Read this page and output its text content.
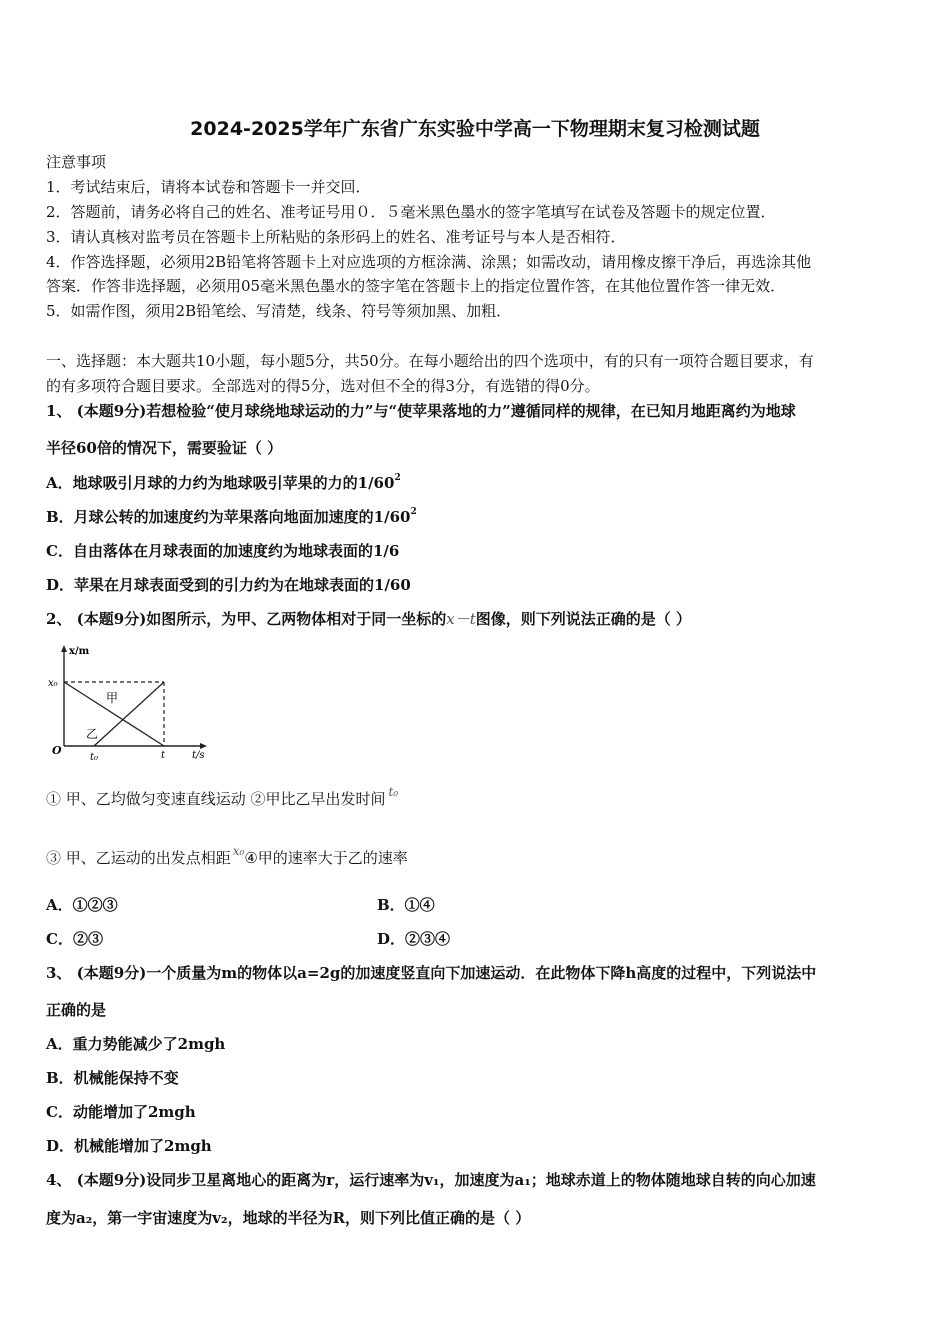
2024-2025学年广东省广东实验中学高一下物理期末复习检测试题
注意事项
1．考试结束后，请将本试卷和答题卡一并交回．
2．答题前，请务必将自己的姓名、准考证号用０．５毫米黑色墨水的签字笔填写在试卷及答题卡的规定位置．
3．请认真核对监考员在答题卡上所粘贴的条形码上的姓名、准考证号与本人是否相符．
4．作答选择题，必须用2B铅笔将答题卡上对应选项的方框涂满、涂黑；如需改动，请用橡皮擦干净后，再选涂其他
答案．作答非选择题，必须用05毫米黑色墨水的签字笔在答题卡上的指定位置作答，在其他位置作答一律无效．
5．如需作图，须用2B铅笔绘、写清楚，线条、符号等须加黑、加粗．
一、选择题：本大题共10小题，每小题5分，共50分。在每小题给出的四个选项中，有的只有一项符合题目要求，有
的有多项符合题目要求。全部选对的得5分，选对但不全的得3分，有选错的得0分。
1、 (本题9分)若想检验“使月球绕地球运动的力”与“使苹果落地的力”遵循同样的规律，在已知月地距离约为地球
半径60倍的情况下，需要验证（ ）
A．地球吸引月球的力约为地球吸引苹果的力的$1/60^2$
B．月球公转的加速度约为苹果落向地面加速度的$1/60^2$
C．自由落体在月球表面的加速度约为地球表面的1/6
D．苹果在月球表面受到的引力约为在地球表面的1/60
2、 (本题9分)如图所示，为甲、乙两物体相对于同一坐标的x－t图像，则下列说法正确的是（ ）
x/m
t/s
O
x₀
t₀	t
甲
乙
① 甲、乙均做匀变速直线运动 ②甲比乙早出发时间 $^{t_0}$
③ 甲、乙运动的出发点相距 $^{x_0}$④甲的速率大于乙的速率
A．①②③	B．①④
C．②③	D．②③④
3、 (本题9分)一个质量为m的物体以a=2g的加速度竖直向下加速运动．在此物体下降h高度的过程中，下列说法中
正确的是
A．重力势能减少了2mgh
B．机械能保持不变
C．动能增加了2mgh
D．机械能增加了2mgh
4、 (本题9分)设同步卫星离地心的距离为r，运行速率为v₁，加速度为a₁；地球赤道上的物体随地球自转的向心加速
度为a₂，第一宇宙速度为v₂，地球的半径为R，则下列比值正确的是（ ）
